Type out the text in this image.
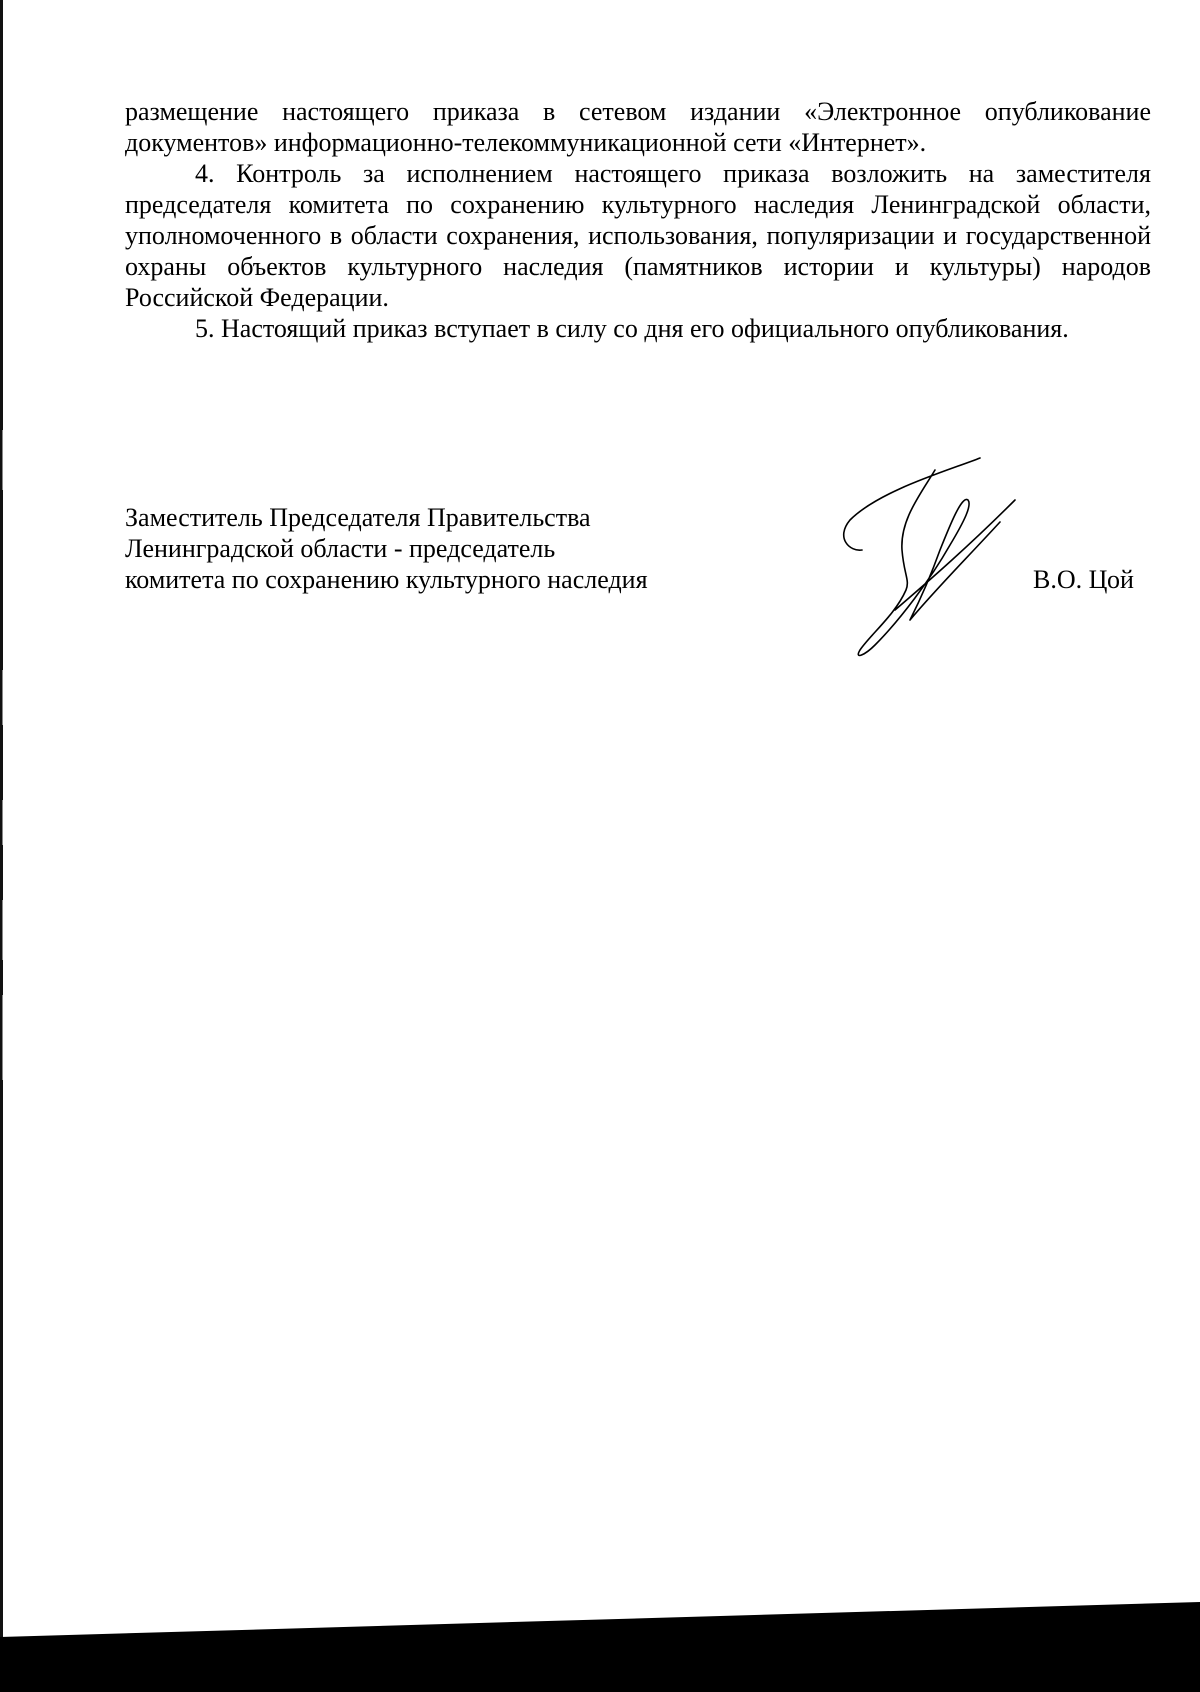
размещение настоящего приказа в сетевом издании «Электронное опубликование документов» информационно-телекоммуникационной сети «Интернет».

4. Контроль за исполнением настоящего приказа возложить на заместителя председателя комитета по сохранению культурного наследия Ленинградской области, уполномоченного в области сохранения, использования, популяризации и государственной охраны объектов культурного наследия (памятников истории и культуры) народов Российской Федерации.

5. Настоящий приказ вступает в силу со дня его официального опубликования.

Заместитель Председателя Правительства
Ленинградской области - председатель
комитета по сохранению культурного наследия	В.О. Цой
